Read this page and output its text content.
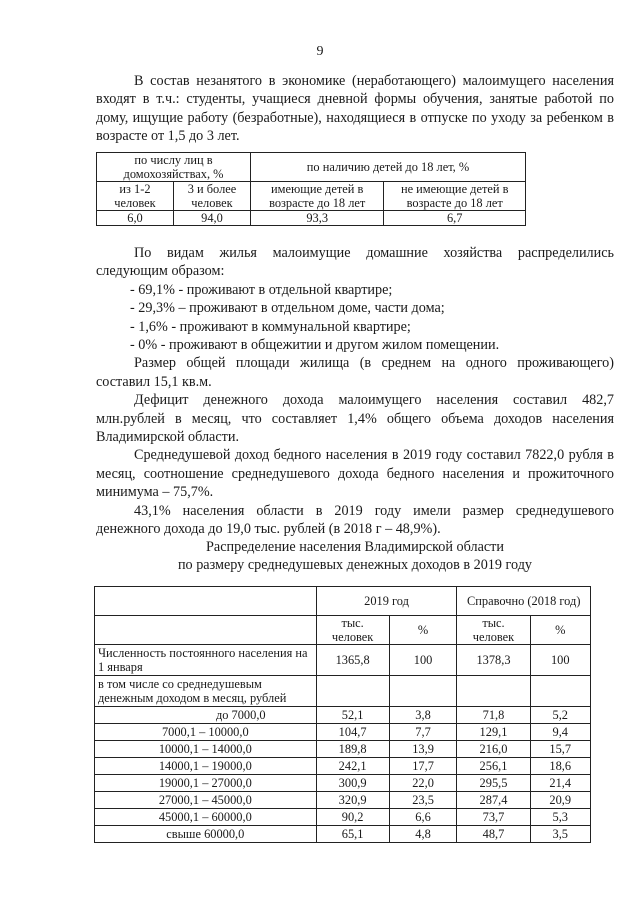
9

В состав незанятого в экономике (неработающего) малоимущего населения входят в т.ч.: студенты, учащиеся дневной формы обучения, занятые работой по дому, ищущие работу (безработные), находящиеся в отпуске по уходу за ребенком в возрасте от 1,5 до 3 лет.

по числу лиц в домохозяйствах, %		по наличию детей до 18 лет, %	
из 1-2 человек	3 и более человек	имеющие детей в возрасте до 18 лет	не имеющие детей в возрасте до 18 лет
6,0	94,0	93,3	6,7

По видам жилья малоимущие домашние хозяйства распределились следующим образом:

- 69,1% - проживают в отдельной квартире;

- 29,3% – проживают в отдельном доме, части дома;

- 1,6% - проживают в коммунальной квартире;

- 0% - проживают в общежитии и другом жилом помещении.

Размер общей площади жилища (в среднем на одного проживающего) составил 15,1 кв.м.

Дефицит денежного дохода малоимущего населения составил 482,7 млн.рублей в месяц, что составляет 1,4% общего объема доходов населения Владимирской области.

Среднедушевой доход бедного населения в 2019 году составил 7822,0 рубля в месяц, соотношение среднедушевого дохода бедного населения и прожиточного минимума – 75,7%.

43,1% населения области в 2019 году имели размер среднедушевого денежного дохода до 19,0 тыс. рублей (в 2018 г – 48,9%).

Распределение населения Владимирской области
по размеру среднедушевых денежных доходов в 2019 году
	2019 год		Справочно (2018 год)	
	тыс. человек	%	тыс. человек	%
Численность постоянного населения на 1 января	1365,8	100	1378,3	100
в том числе со среднедушевым денежным доходом в месяц, рублей				
до 7000,0	52,1	3,8	71,8	5,2
7000,1 – 10000,0	104,7	7,7	129,1	9,4
10000,1 – 14000,0	189,8	13,9	216,0	15,7
14000,1 – 19000,0	242,1	17,7	256,1	18,6
19000,1 – 27000,0	300,9	22,0	295,5	21,4
27000,1 – 45000,0	320,9	23,5	287,4	20,9
45000,1 – 60000,0	90,2	6,6	73,7	5,3
свыше 60000,0	65,1	4,8	48,7	3,5
